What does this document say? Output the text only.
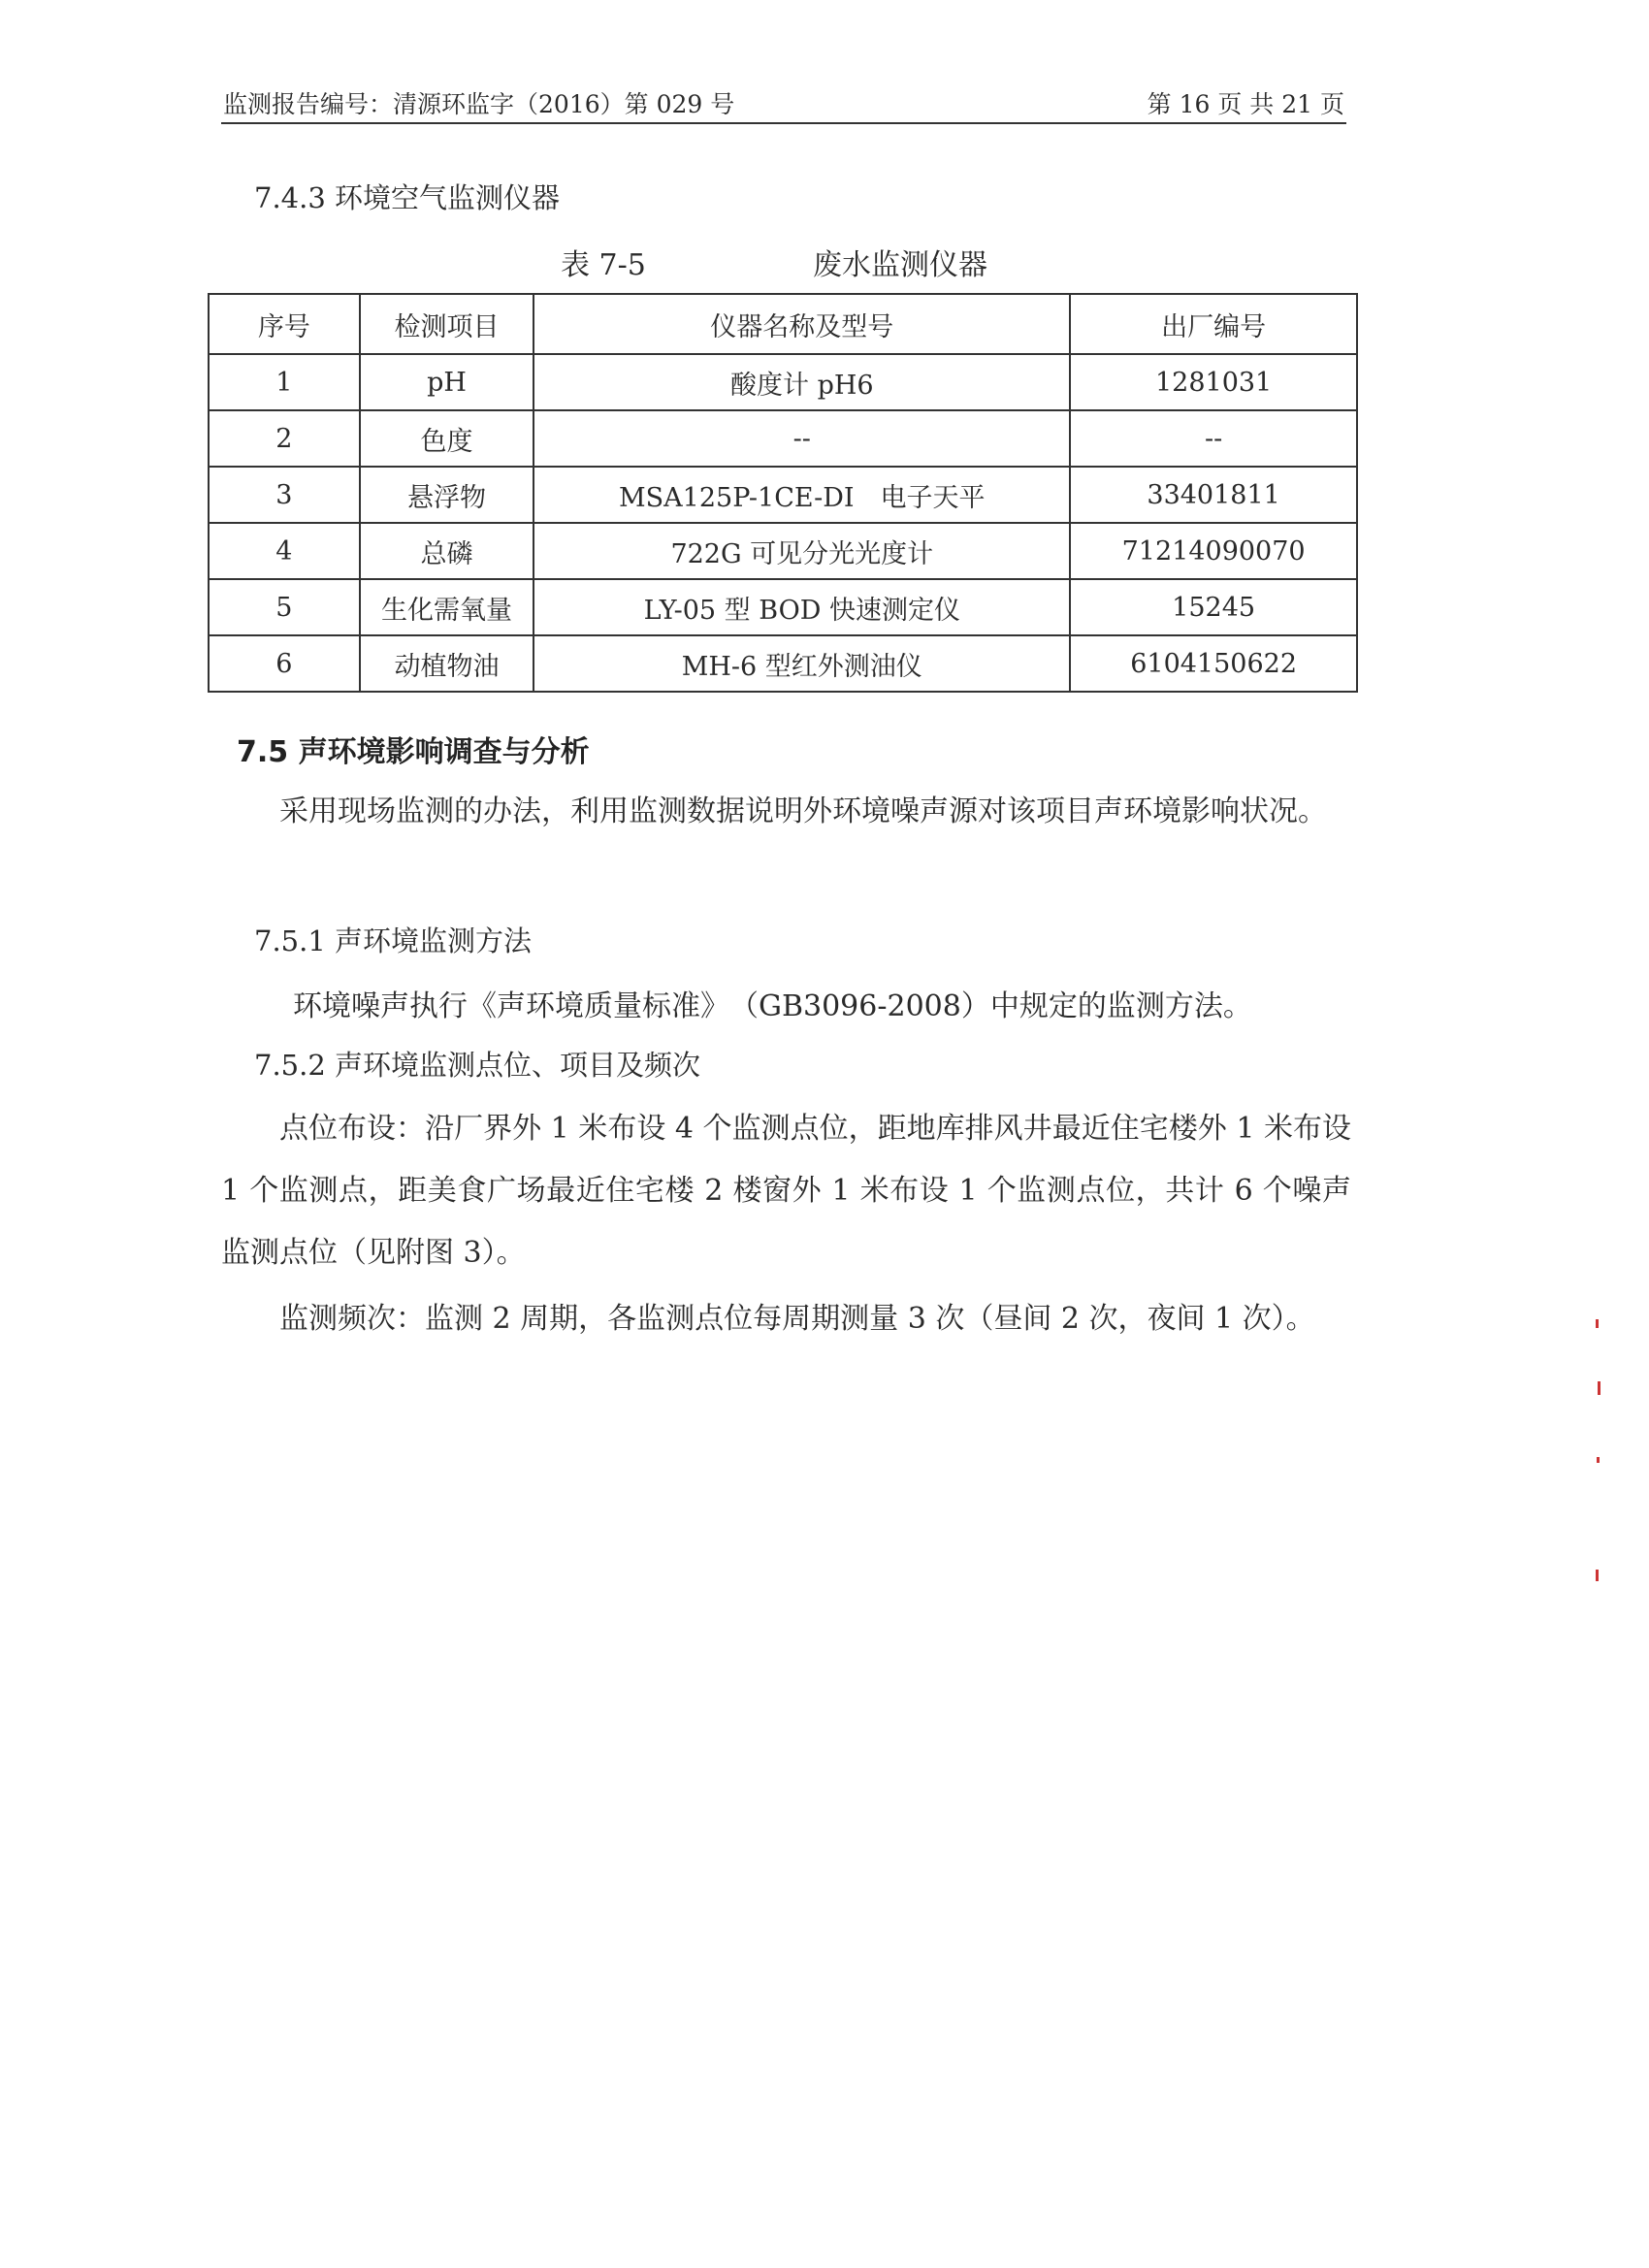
监测报告编号：清源环监字（2016）第 029 号	第 16 页 共 21 页
7.4.3 环境空气监测仪器
表 7-5	废水监测仪器
序号	检测项目	仪器名称及型号	出厂编号
1	pH	酸度计 pH6	1281031
2	色度	--	--
3	悬浮物	MSA125P-1CE-DI　电子天平	33401811
4	总磷	722G 可见分光光度计	71214090070
5	生化需氧量	LY-05 型 BOD 快速测定仪	15245
6	动植物油	MH-6 型红外测油仪	6104150622
7.5 声环境影响调查与分析

采用现场监测的办法，利用监测数据说明外环境噪声源对该项目声环境影响状况。

7.5.1 声环境监测方法
环境噪声执行《声环境质量标准》　（GB3096-2008）中规定的监测方法。
7.5.2 声环境监测点位、项目及频次

点位布设：沿厂界外 1 米布设 4 个监测点位，距地库排风井最近住宅楼外 1 米布设 1 个监测点，距美食广场最近住宅楼 2 楼窗外 1 米布设 1 个监测点位，共计 6 个噪声监测点位（见附图 3）。

监测频次：监测 2 周期，各监测点位每周期测量 3 次（昼间 2 次，夜间 1 次）。
